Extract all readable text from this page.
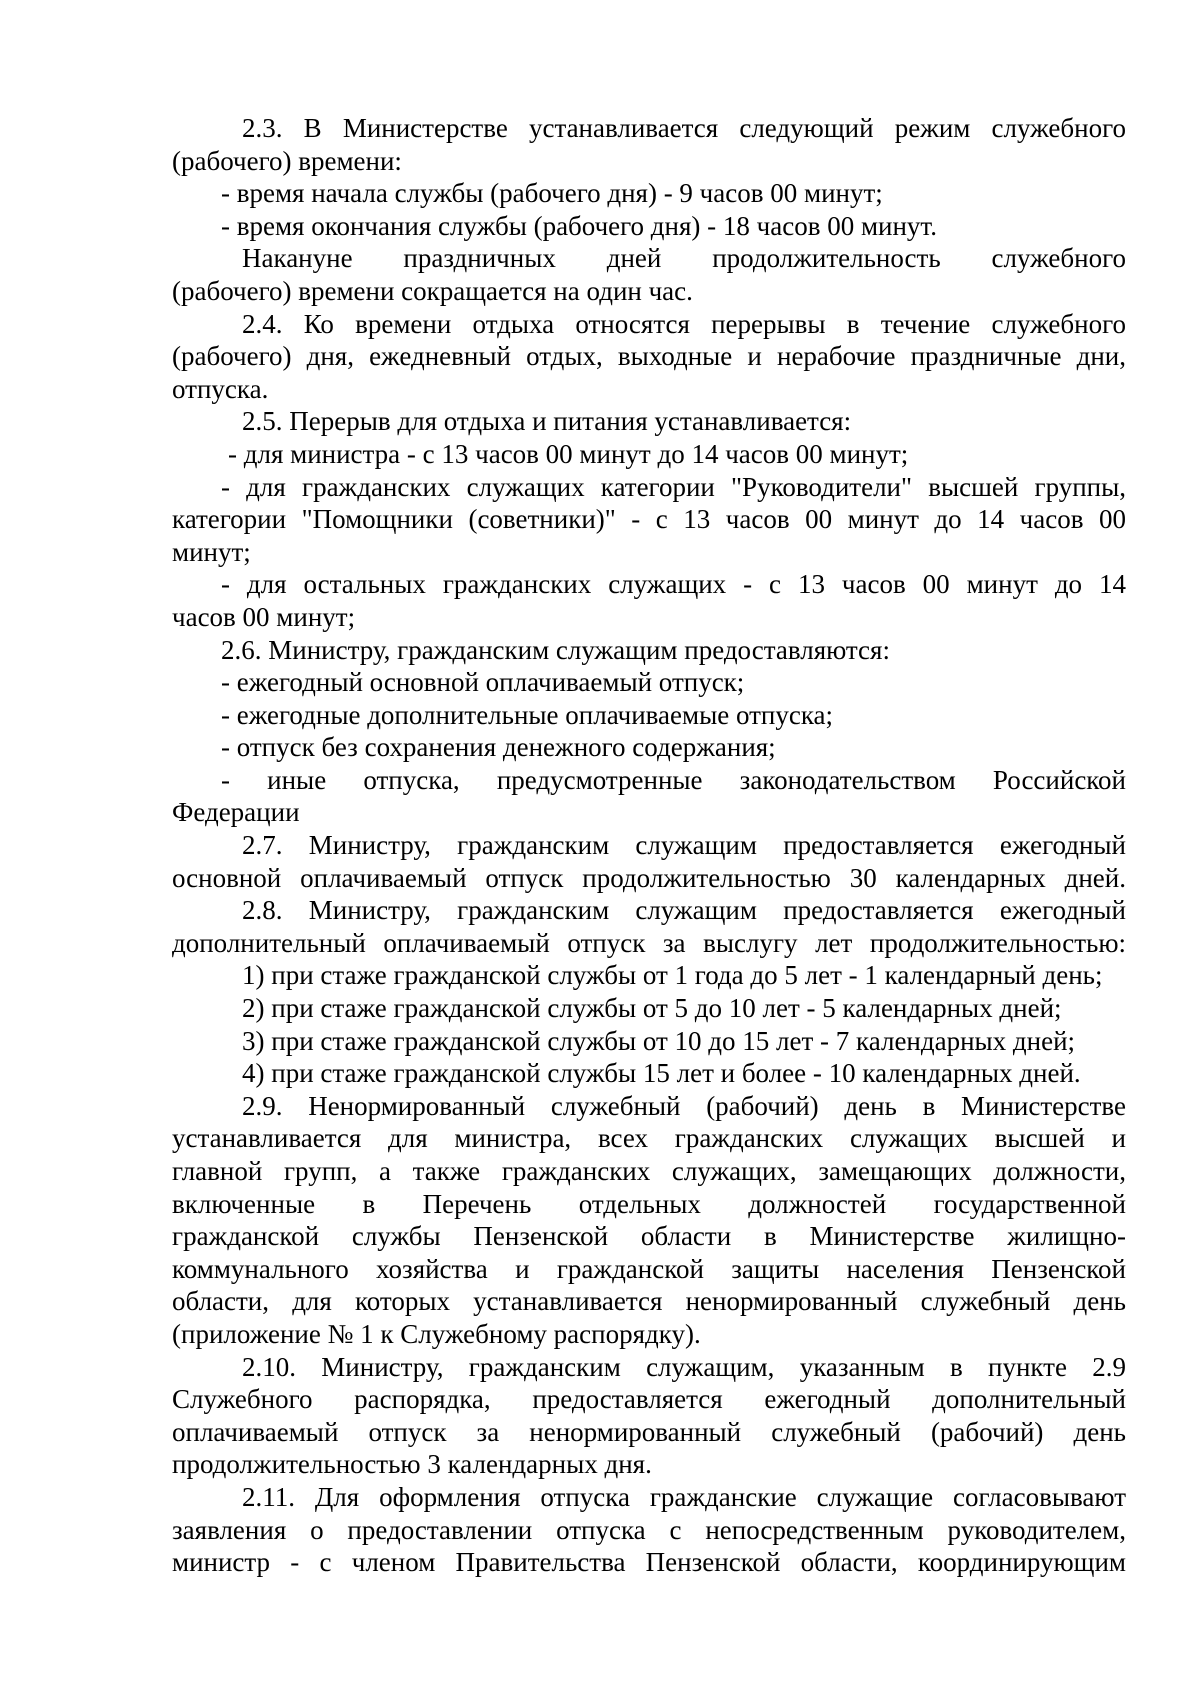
2.3. В Министерстве устанавливается следующий режим служебного
(рабочего) времени:
- время начала службы (рабочего дня) - 9 часов 00 минут;
- время окончания службы (рабочего дня) - 18 часов 00 минут.
Накануне праздничных дней продолжительность служебного
(рабочего) времени сокращается на один час.
2.4. Ко времени отдыха относятся перерывы в течение служебного
(рабочего) дня, ежедневный отдых, выходные и нерабочие праздничные дни,
отпуска.
2.5. Перерыв для отдыха и питания устанавливается:
- для министра - с 13 часов 00 минут до 14 часов 00 минут;
- для гражданских служащих категории "Руководители" высшей группы,
категории "Помощники (советники)" - с 13 часов 00 минут до 14 часов 00
минут;
- для остальных гражданских служащих - с 13 часов 00 минут до 14
часов 00 минут;
2.6. Министру, гражданским служащим предоставляются:
- ежегодный основной оплачиваемый отпуск;
- ежегодные дополнительные оплачиваемые отпуска;
- отпуск без сохранения денежного содержания;
- иные отпуска, предусмотренные законодательством Российской
Федерации
2.7. Министру, гражданским служащим предоставляется ежегодный
основной оплачиваемый отпуск продолжительностью 30 календарных дней.
2.8. Министру, гражданским служащим предоставляется ежегодный
дополнительный оплачиваемый отпуск за выслугу лет продолжительностью:
1) при стаже гражданской службы от 1 года до 5 лет - 1 календарный день;
2) при стаже гражданской службы от 5 до 10 лет - 5 календарных дней;
3) при стаже гражданской службы от 10 до 15 лет - 7 календарных дней;
4) при стаже гражданской службы 15 лет и более - 10 календарных дней.
2.9. Ненормированный служебный (рабочий) день в Министерстве
устанавливается для министра, всех гражданских служащих высшей и
главной групп, а также гражданских служащих, замещающих должности,
включенные в Перечень отдельных должностей государственной
гражданской службы Пензенской области в Министерстве жилищно-
коммунального хозяйства и гражданской защиты населения Пензенской
области, для которых устанавливается ненормированный служебный день
(приложение № 1 к Служебному распорядку).
2.10. Министру, гражданским служащим, указанным в пункте 2.9
Служебного распорядка, предоставляется ежегодный дополнительный
оплачиваемый отпуск за ненормированный служебный (рабочий) день
продолжительностью 3 календарных дня.
2.11. Для оформления отпуска гражданские служащие согласовывают
заявления о предоставлении отпуска с непосредственным руководителем,
министр - с членом Правительства Пензенской области, координирующим
